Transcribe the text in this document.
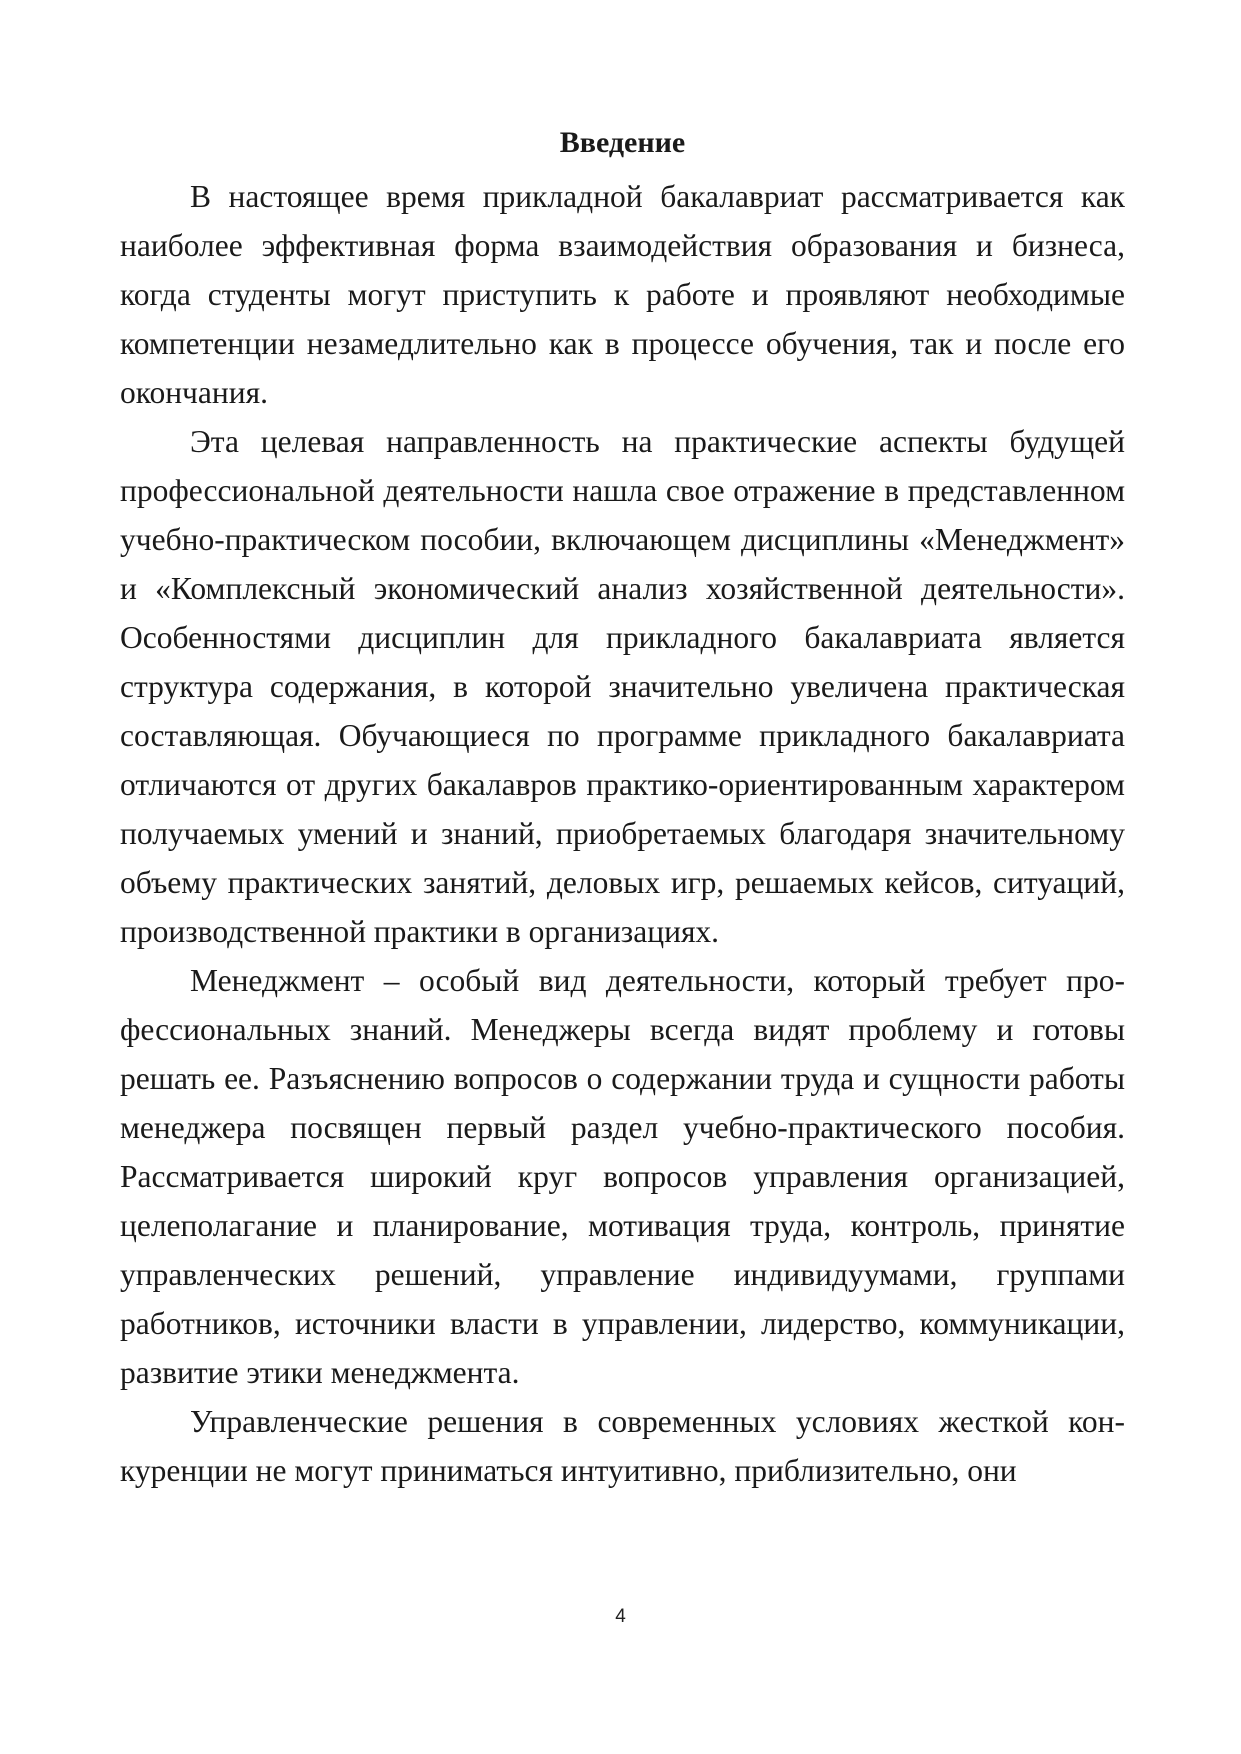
Введение

В настоящее время прикладной бакалавриат рассматривается как наиболее эффективная форма взаимодействия образования и бизнеса, когда студенты могут приступить к работе и проявляют необходимые компетенции незамедлительно как в процессе обучения, так и после его окончания.

Эта целевая направленность на практические аспекты будущей профессиональной деятельности нашла свое отражение в представленном учебно-практическом пособии, включающем дисциплины «Менеджмент» и «Комплексный экономический анализ хозяйственной деятельности». Особенностями дисциплин для прикладного бакалавриата является структура содержания, в которой значительно увеличена практическая составляющая. Обучающиеся по программе прикладного бакалавриата отличаются от других бакалавров практико-ориентированным характером получаемых умений и знаний, приобретаемых благодаря значительному объему практических занятий, деловых игр, решаемых кейсов, ситуаций, производственной практики в организациях.

Менеджмент – особый вид деятельности, который требует профессиональных знаний. Менеджеры всегда видят проблему и готовы решать ее. Разъяснению вопросов о содержании труда и сущности работы менеджера посвящен первый раздел учебно-практического пособия. Рассматривается широкий круг вопросов управления организацией, целеполагание и планирование, мотивация труда, контроль, принятие управленческих решений, управление индивидуумами, группами работников, источники власти в управлении, лидерство, коммуникации, развитие этики менеджмента.

Управленческие решения в современных условиях жесткой конкуренции не могут приниматься интуитивно, приблизительно, они

4
